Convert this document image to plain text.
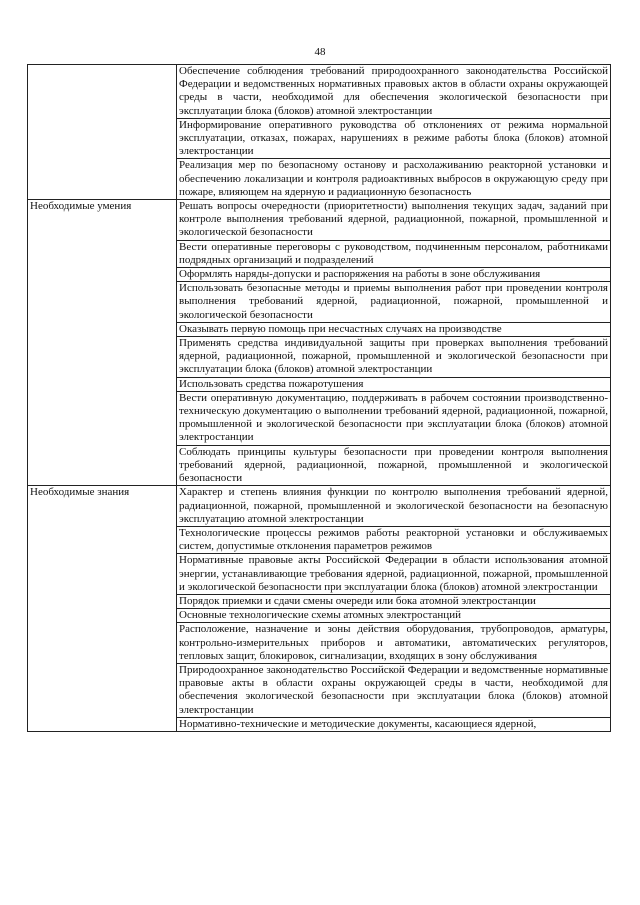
48
	Обеспечение соблюдения требований природоохранного законодательства Российской Федерации и ведомственных нормативных правовых актов в области охраны окружающей среды в части, необходимой для обеспечения экологической безопасности при эксплуатации блока (блоков) атомной электростанции
	Информирование оперативного руководства об отклонениях от режима нормальной эксплуатации, отказах, пожарах, нарушениях в режиме работы блока (блоков) атомной электростанции
	Реализация мер по безопасному останову и расхолаживанию реакторной установки и обеспечению локализации и контроля радиоактивных выбросов в окружающую среду при пожаре, влияющем на ядерную и радиационную безопасность

Необходимые умения	Решать вопросы очередности (приоритетности) выполнения текущих задач, заданий при контроле выполнения требований ядерной, радиационной, пожарной, промышленной и экологической безопасности
	Вести оперативные переговоры с руководством, подчиненным персоналом, работниками подрядных организаций и подразделений
	Оформлять наряды-допуски и распоряжения на работы в зоне обслуживания
	Использовать безопасные методы и приемы выполнения работ при проведении контроля выполнения требований ядерной, радиационной, пожарной, промышленной и экологической безопасности
	Оказывать первую помощь при несчастных случаях на производстве
	Применять средства индивидуальной защиты при проверках выполнения требований ядерной, радиационной, пожарной, промышленной и экологической безопасности при эксплуатации блока (блоков) атомной электростанции
	Использовать средства пожаротушения
	Вести оперативную документацию, поддерживать в рабочем состоянии производственно-техническую документацию о выполнении требований ядерной, радиационной, пожарной, промышленной и экологической безопасности при эксплуатации блока (блоков) атомной электростанции
	Соблюдать принципы культуры безопасности при проведении контроля выполнения требований ядерной, радиационной, пожарной, промышленной и экологической безопасности

Необходимые знания	Характер и степень влияния функции по контролю выполнения требований ядерной, радиационной, пожарной, промышленной и экологической безопасности на безопасную эксплуатацию атомной электростанции
	Технологические процессы режимов работы реакторной установки и обслуживаемых систем, допустимые отклонения параметров режимов
	Нормативные правовые акты Российской Федерации в области использования атомной энергии, устанавливающие требования ядерной, радиационной, пожарной, промышленной и экологической безопасности при эксплуатации блока (блоков) атомной электростанции
	Порядок приемки и сдачи смены очереди или бока атомной электростанции
	Основные технологические схемы атомных электростанций
	Расположение, назначение и зоны действия оборудования, трубопроводов, арматуры, контрольно-измерительных приборов и автоматики, автоматических регуляторов, тепловых защит, блокировок, сигнализации, входящих в зону обслуживания
	Природоохранное законодательство Российской Федерации и ведомственные нормативные правовые акты в области охраны окружающей среды в части, необходимой для обеспечения экологической безопасности при эксплуатации блока (блоков) атомной электростанции
	Нормативно-технические и методические документы, касающиеся ядерной,
